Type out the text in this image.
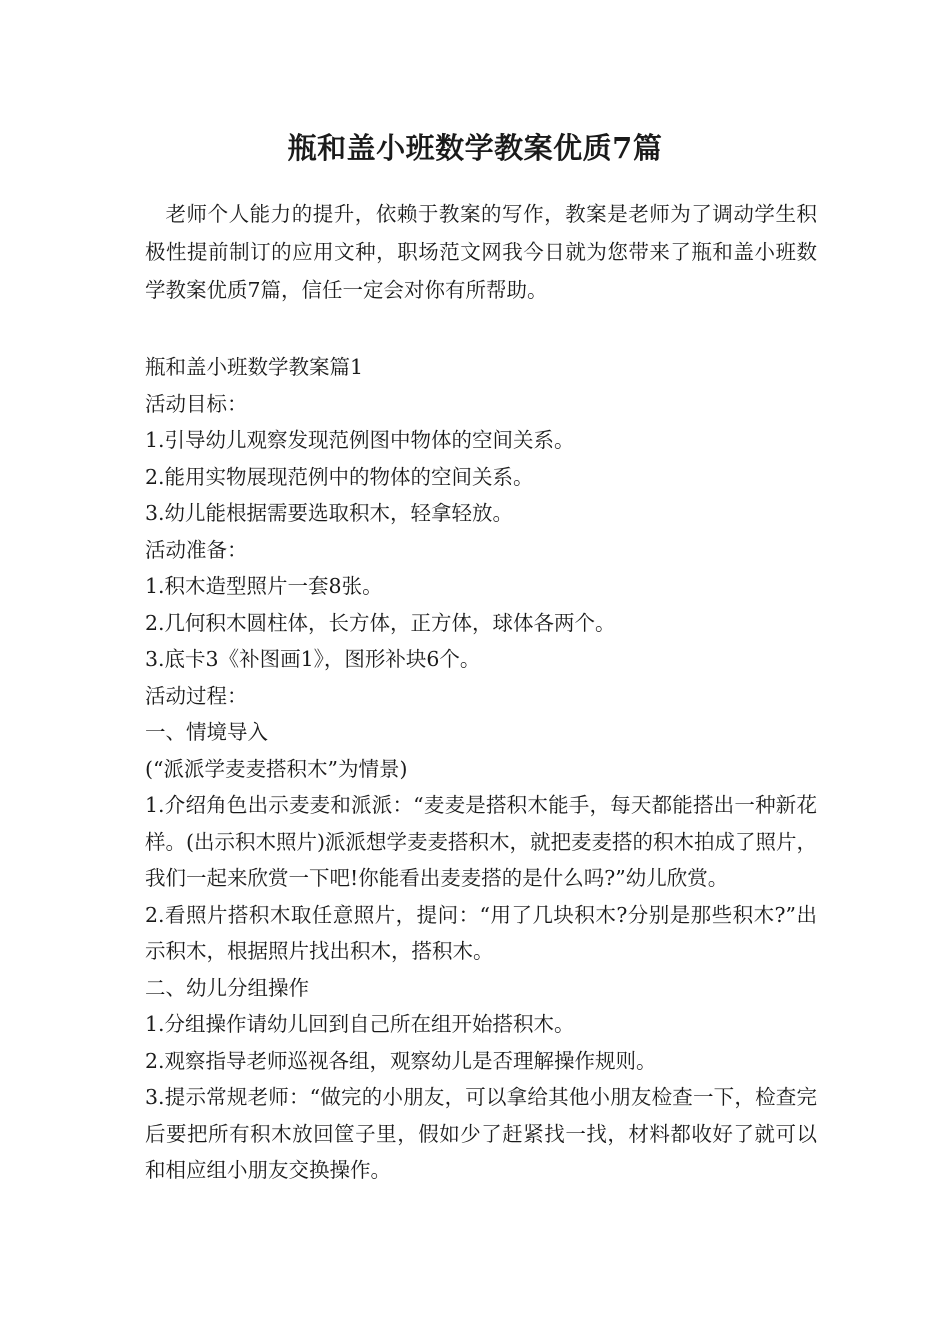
瓶和盖小班数学教案优质7篇

老师个人能力的提升，依赖于教案的写作，教案是老师为了调动学生积极性提前制订的应用文种，职场范文网我今日就为您带来了瓶和盖小班数学教案优质7篇，信任一定会对你有所帮助。

瓶和盖小班数学教案篇1
活动目标：
1.引导幼儿观察发现范例图中物体的空间关系。
2.能用实物展现范例中的物体的空间关系。
3.幼儿能根据需要选取积木，轻拿轻放。
活动准备：
1.积木造型照片一套8张。
2.几何积木圆柱体，长方体，正方体，球体各两个。
3.底卡3《补图画1》，图形补块6个。
活动过程：
一、情境导入
(“派派学麦麦搭积木”为情景)
1.介绍角色出示麦麦和派派：“麦麦是搭积木能手，每天都能搭出一种新花样。(出示积木照片)派派想学麦麦搭积木，就把麦麦搭的积木拍成了照片，我们一起来欣赏一下吧!你能看出麦麦搭的是什么吗?”幼儿欣赏。
2.看照片搭积木取任意照片，提问：“用了几块积木?分别是那些积木?”出示积木，根据照片找出积木，搭积木。
二、幼儿分组操作
1.分组操作请幼儿回到自己所在组开始搭积木。
2.观察指导老师巡视各组，观察幼儿是否理解操作规则。
3.提示常规老师：“做完的小朋友，可以拿给其他小朋友检查一下，检查完后要把所有积木放回筐子里，假如少了赶紧找一找，材料都收好了就可以和相应组小朋友交换操作。
